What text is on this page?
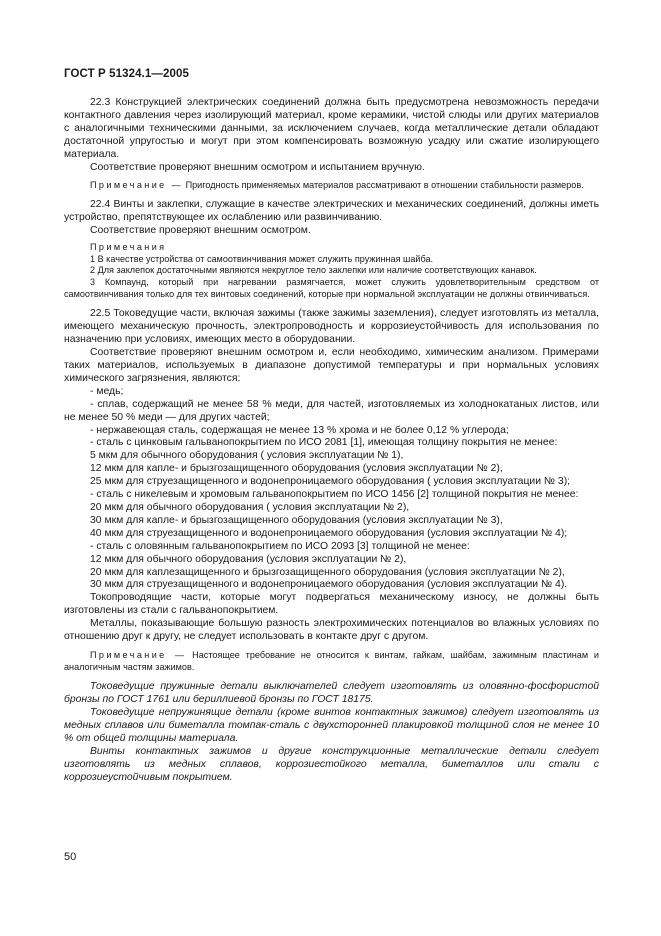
ГОСТ Р 51324.1—2005

22.3 Конструкцией электрических соединений должна быть предусмотрена невозможность передачи контактного давления через изолирующий материал, кроме керамики, чистой слюды или других материалов с аналогичными техническими данными, за исключением случаев, когда металлические детали обладают достаточной упругостью и могут при этом компенсировать возможную усадку или сжатие изолирующего материала.

Соответствие проверяют внешним осмотром и испытанием вручную.

Примечание — Пригодность применяемых материалов рассматривают в отношении стабильности размеров.

22.4 Винты и заклепки, служащие в качестве электрических и механических соединений, должны иметь устройство, препятствующее их ослаблению или развинчиванию.

Соответствие проверяют внешним осмотром.

Примечания

1 В качестве устройства от самоотвинчивания может служить пружинная шайба.

2 Для заклепок достаточными являются некруглое тело заклепки или наличие соответствующих канавок.

3 Компаунд, который при нагревании размягчается, может служить удовлетворительным средством от самоотвинчивания только для тех винтовых соединений, которые при нормальной эксплуатации не должны отвинчиваться.

22.5 Токоведущие части, включая зажимы (также зажимы заземления), следует изготовлять из металла, имеющего механическую прочность, электропроводность и коррозиеустойчивость для использования по назначению при условиях, имеющих место в оборудовании.

Соответствие проверяют внешним осмотром и, если необходимо, химическим анализом. Примерами таких материалов, используемых в диапазоне допустимой температуры и при нормальных условиях химического загрязнения, являются:

- медь;

- сплав, содержащий не менее 58 % меди, для частей, изготовляемых из холоднокатаных листов, или не менее 50 % меди — для других частей;

- нержавеющая сталь, содержащая не менее 13 % хрома и не более 0,12 % углерода;

- сталь с цинковым гальванопокрытием по ИСО 2081 [1], имеющая толщину покрытия не менее:

5 мкм для обычного оборудования ( условия эксплуатации № 1),

12 мкм для капле- и брызгозащищенного оборудования (условия эксплуатации № 2),

25 мкм для струезащищенного и водонепроницаемого оборудования ( условия эксплуатации № 3);

- сталь с никелевым и хромовым гальванопокрытием по ИСО 1456 [2] толщиной покрытия не менее:

20 мкм для обычного оборудования ( условия эксплуатации № 2),

30 мкм для капле- и брызгозащищенного оборудования (условия эксплуатации № 3),

40 мкм для струезащищенного и водонепроницаемого оборудования (условия эксплуатации № 4);

- сталь с оловянным гальванопокрытием по ИСО 2093 [3] толщиной не менее:

12 мкм для обычного оборудования (условия эксплуатации № 2),

20 мкм для каплезащищенного и брызгозащищенного оборудования (условия эксплуатации № 2),

30 мкм для струезащищенного и водонепроницаемого оборудования (условия эксплуатации № 4).

Токопроводящие части, которые могут подвергаться механическому износу, не должны быть изготовлены из стали с гальванопокрытием.

Металлы, показывающие большую разность электрохимических потенциалов во влажных условиях по отношению друг к другу, не следует использовать в контакте друг с другом.

Примечание — Настоящее требование не относится к винтам, гайкам, шайбам, зажимным пластинам и аналогичным частям зажимов.

Токоведущие пружинные детали выключателей следует изготовлять из оловянно-фосфористой бронзы по ГОСТ 1761 или бериллиевой бронзы по ГОСТ 18175.

Токоведущие непружинящие детали (кроме винтов контактных зажимов) следует изготовлять из медных сплавов или биметалла томпак-сталь с двухсторонней плакировкой толщиной слоя не менее 10 % от общей толщины материала.

Винты контактных зажимов и другие конструкционные металлические детали следует изготовлять из медных сплавов, коррозиестойкого металла, биметаллов или стали с коррозиеустойчивым покрытием.

50
